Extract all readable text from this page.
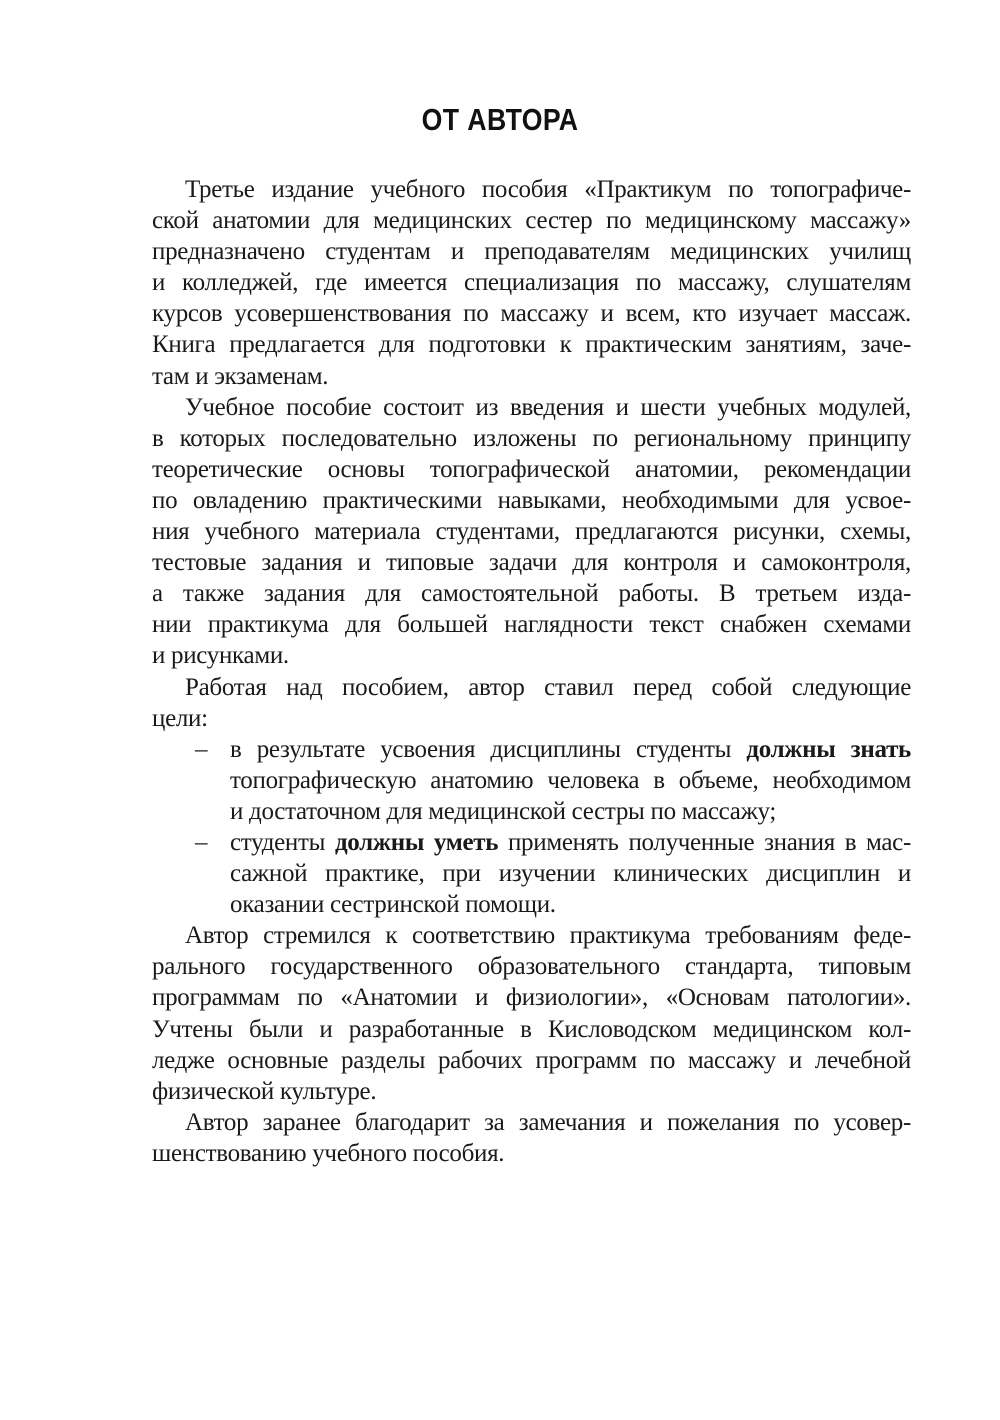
ОТ АВТОРА
Третье издание учебного пособия «Практикум по топографиче-
ской анатомии для медицинских сестер по медицинскому массажу»
предназначено студентам и преподавателям медицинских училищ
и колледжей, где имеется специализация по массажу, слушателям
курсов усовершенствования по массажу и всем, кто изучает массаж.
Книга предлагается для подготовки к практическим занятиям, заче-
там и экзаменам.
Учебное пособие состоит из введения и шести учебных модулей,
в которых последовательно изложены по региональному принципу
теоретические основы топографической анатомии, рекомендации
по овладению практическими навыками, необходимыми для усвое-
ния учебного материала студентами, предлагаются рисунки, схемы,
тестовые задания и типовые задачи для контроля и самоконтроля,
а также задания для самостоятельной работы. В третьем изда-
нии практикума для большей наглядности текст снабжен схемами
и рисунками.
Работая над пособием, автор ставил перед собой следующие
цели:
– в результате усвоения дисциплины студенты должны знать
топографическую анатомию человека в объеме, необходимом
и достаточном для медицинской сестры по массажу;
– студенты должны уметь применять полученные знания в мас-
сажной практике, при изучении клинических дисциплин и
оказании сестринской помощи.
Автор стремился к соответствию практикума требованиям феде-
рального государственного образовательного стандарта, типовым
программам по «Анатомии и физиологии», «Основам патологии».
Учтены были и разработанные в Кисловодском медицинском кол-
ледже основные разделы рабочих программ по массажу и лечебной
физической культуре.
Автор заранее благодарит за замечания и пожелания по усовер-
шенствованию учебного пособия.
